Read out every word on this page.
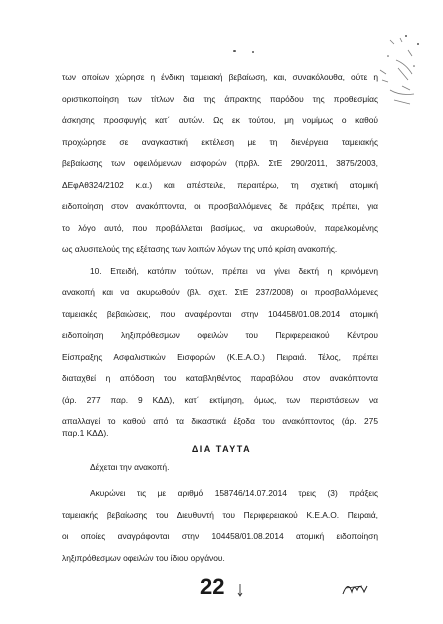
των οποίων χώρησε η ένδικη ταμειακή βεβαίωση, και, συνακόλουθα, ούτε η
οριστικοποίηση των τίτλων δια της άπρακτης παρόδου της προθεσμίας
άσκησης προσφυγής κατ΄ αυτών. Ως εκ τούτου, μη νομίμως ο καθού
προχώρησε σε αναγκαστική εκτέλεση με τη διενέργεια ταμειακής
βεβαίωσης των οφειλόμενων εισφορών (πρβλ. ΣτΕ 290/2011, 3875/2003,
ΔΕφΑθ324/2102 κ.α.) και απέστειλε, περαιτέρω, τη σχετική ατομική
ειδοποίηση στον ανακόπτοντα, οι προσβαλλόμενες δε πράξεις πρέπει, για
το λόγο αυτό, που προβάλλεται βασίμως, να ακυρωθούν, παρελκομένης
ως αλυσιτελούς της εξέτασης των λοιπών λόγων της υπό κρίση ανακοπής.
10. Επειδή, κατόπιν τούτων, πρέπει να γίνει δεκτή η κρινόμενη
ανακοπή και να ακυρωθούν (βλ. σχετ. ΣτΕ 237/2008) οι προσβαλλόμενες
ταμειακές βεβαιώσεις, που αναφέρονται στην 104458/01.08.2014 ατομική
ειδοποίηση ληξιπρόθεσμων οφειλών του Περιφερειακού Κέντρου
Είσπραξης Ασφαλιστικών Εισφορών (Κ.Ε.Α.Ο.) Πειραιά. Τέλος, πρέπει
διαταχθεί η απόδοση του καταβληθέντος παραβόλου στον ανακόπτοντα
(άρ. 277 παρ. 9 ΚΔΔ), κατ΄ εκτίμηση, όμως, των περιστάσεων να
απαλλαγεί το καθού από τα δικαστικά έξοδα του ανακόπτοντος (άρ. 275
παρ.1 ΚΔΔ).
ΔΙΑ ΤΑΥΤΑ
Δέχεται την ανακοπή.
Ακυρώνει τις με αριθμό 158746/14.07.2014 τρεις (3) πράξεις
ταμειακής βεβαίωσης του Διευθυντή του Περιφερειακού Κ.Ε.Α.Ο. Πειραιά,
οι οποίες αναγράφονται στην 104458/01.08.2014 ατομική ειδοποίηση
ληξιπρόθεσμων οφειλών του ίδιου οργάνου.
22
